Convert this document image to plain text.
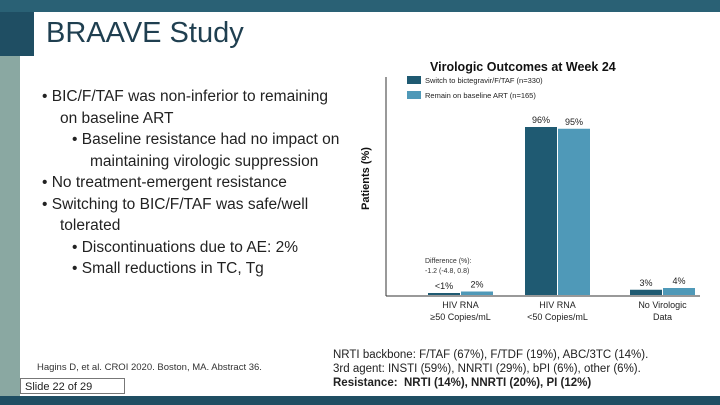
BRAAVE Study
• BIC/F/TAF was non-inferior to remaining on baseline ART
• Baseline resistance had no impact on maintaining virologic suppression
• No treatment-emergent resistance
• Switching to BIC/F/TAF was safe/well tolerated
• Discontinuations due to AE: 2%
• Small reductions in TC, Tg
Hagins D, et al. CROI 2020. Boston, MA. Abstract 36.
Slide 22 of 29
Virologic Outcomes at Week 24
Patients (%)
Switch to bictegravir/F/TAF (n=330)
Remain on baseline ART (n=165)
<1% 2%
HIV RNA
≥50 Copies/mL
96% 95%
HIV RNA
<50 Copies/mL
3% 4%
No Virologic
Data
Difference (%):
-1.2 (-4.8, 0.8)
NRTI backbone: F/TAF (67%), F/TDF (19%), ABC/3TC (14%).
3rd agent: INSTI (59%), NNRTI (29%), bPI (6%), other (6%).
Resistance: NRTI (14%), NNRTI (20%), PI (12%)
